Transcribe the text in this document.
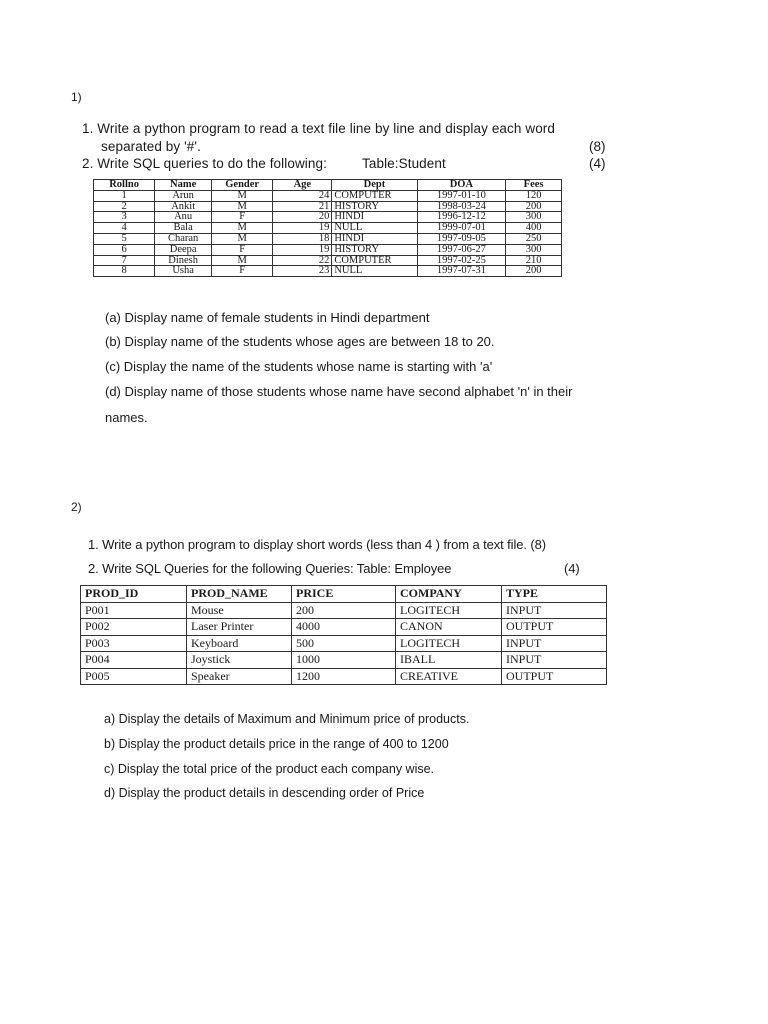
1)
1. Write a python program to read a text file line by line and display each word
separated by '#'.	(8)
2. Write SQL queries to do the following:	Table:Student	(4)
Rollno	Name	Gender	Age	Dept	DOA	Fees
1	Arun	M	24	COMPUTER	1997-01-10	120
2	Ankit	M	21	HISTORY	1998-03-24	200
3	Anu	F	20	HINDI	1996-12-12	300
4	Bala	M	19	NULL	1999-07-01	400
5	Charan	M	18	HINDI	1997-09-05	250
6	Deepa	F	19	HISTORY	1997-06-27	300
7	Dinesh	M	22	COMPUTER	1997-02-25	210
8	Usha	F	23	NULL	1997-07-31	200
(a) Display name of female students in Hindi department
(b) Display name of the students whose ages are between 18 to 20.
(c) Display the name of the students whose name is starting with 'a'
(d) Display name of those students whose name have second alphabet 'n' in their
names.
2)
1. Write a python program to display short words (less than 4 ) from a text file. (8)
2. Write SQL Queries for the following Queries: Table: Employee	(4)
PROD_ID	PROD_NAME	PRICE	COMPANY	TYPE
P001	Mouse	200	LOGITECH	INPUT
P002	Laser Printer	4000	CANON	OUTPUT
P003	Keyboard	500	LOGITECH	INPUT
P004	Joystick	1000	IBALL	INPUT
P005	Speaker	1200	CREATIVE	OUTPUT
a) Display the details of Maximum and Minimum price of products.
b) Display the product details price in the range of 400 to 1200
c) Display the total price of the product each company wise.
d) Display the product details in descending order of Price
